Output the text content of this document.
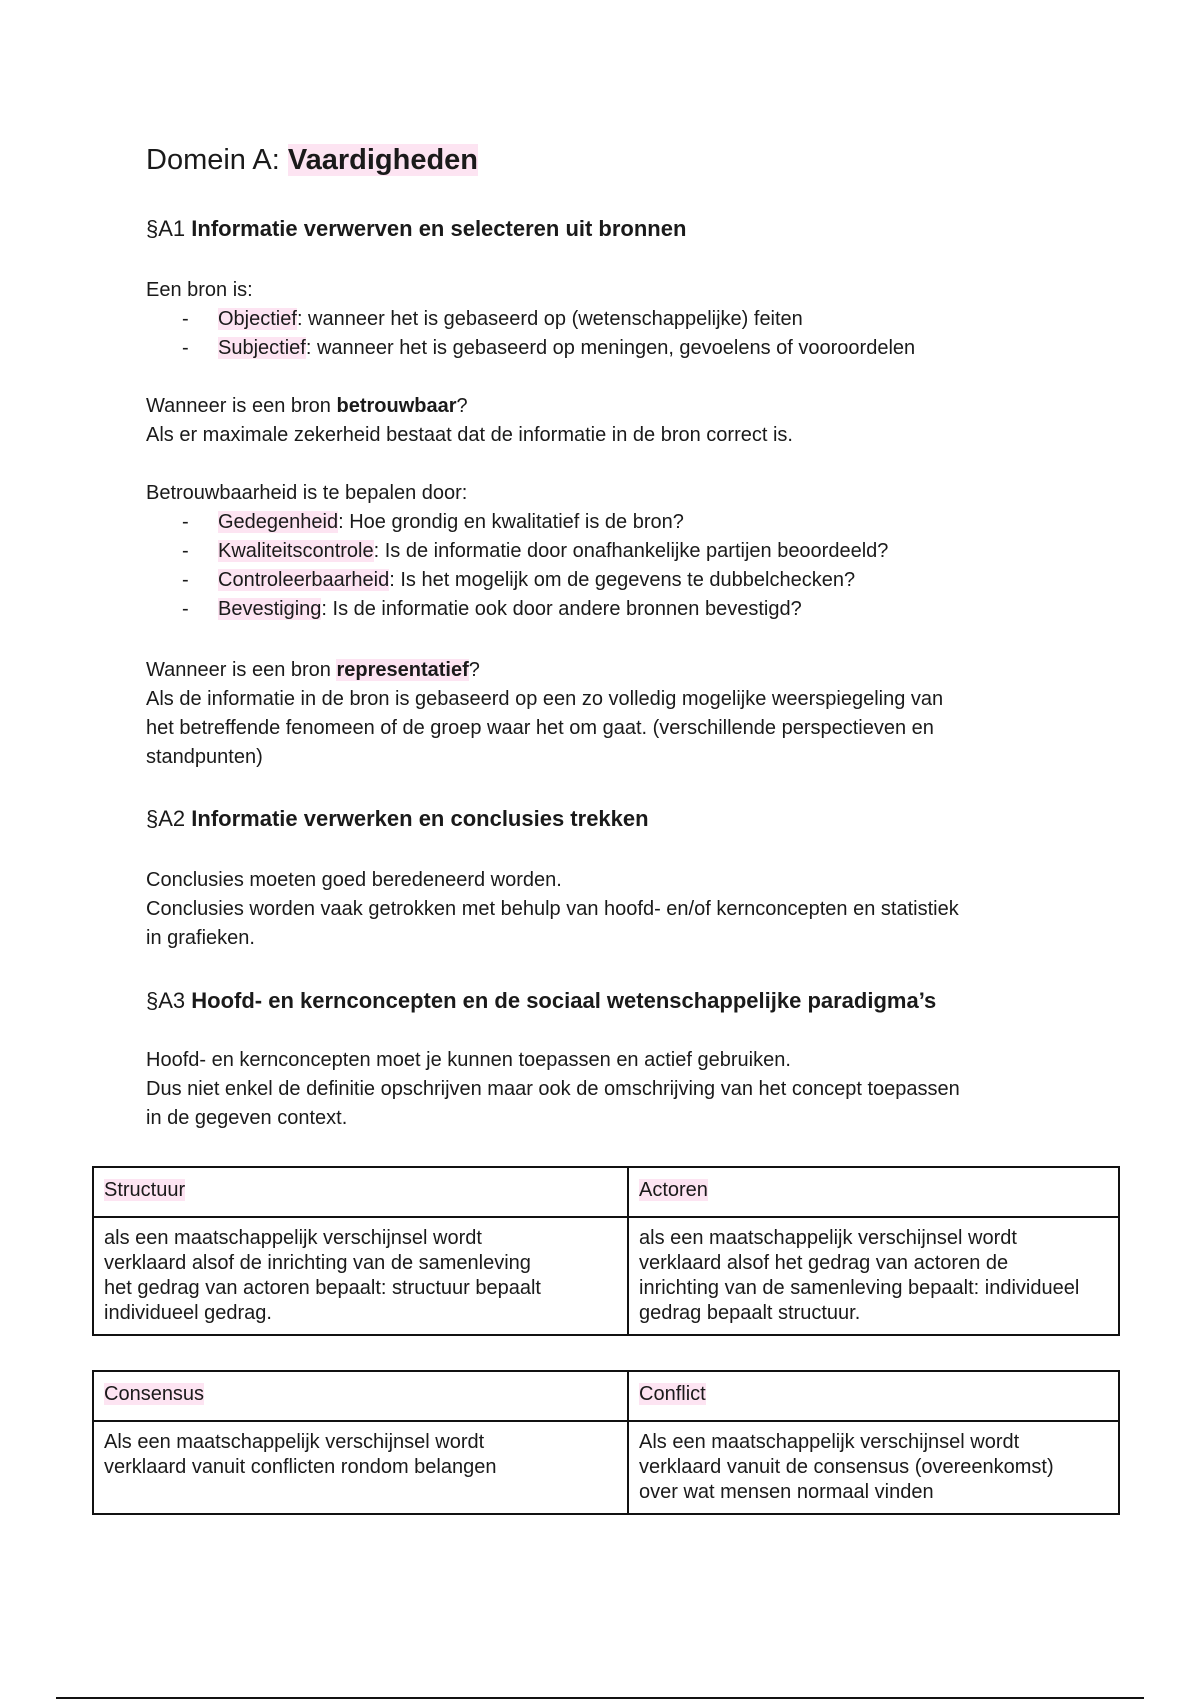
Domein A: Vaardigheden
§A1 Informatie verwerven en selecteren uit bronnen
Een bron is:
- Objectief: wanneer het is gebaseerd op (wetenschappelijke) feiten
- Subjectief: wanneer het is gebaseerd op meningen, gevoelens of vooroordelen
Wanneer is een bron betrouwbaar?
Als er maximale zekerheid bestaat dat de informatie in de bron correct is.
Betrouwbaarheid is te bepalen door:
- Gedegenheid: Hoe grondig en kwalitatief is de bron?
- Kwaliteitscontrole: Is de informatie door onafhankelijke partijen beoordeeld?
- Controleerbaarheid: Is het mogelijk om de gegevens te dubbelchecken?
- Bevestiging: Is de informatie ook door andere bronnen bevestigd?
Wanneer is een bron representatief?
Als de informatie in de bron is gebaseerd op een zo volledig mogelijke weerspiegeling van
het betreffende fenomeen of de groep waar het om gaat. (verschillende perspectieven en
standpunten)
§A2 Informatie verwerken en conclusies trekken
Conclusies moeten goed beredeneerd worden.
Conclusies worden vaak getrokken met behulp van hoofd- en/of kernconcepten en statistiek
in grafieken.
§A3 Hoofd- en kernconcepten en de sociaal wetenschappelijke paradigma’s
Hoofd- en kernconcepten moet je kunnen toepassen en actief gebruiken.
Dus niet enkel de definitie opschrijven maar ook de omschrijving van het concept toepassen
in de gegeven context.
Structuur	Actoren

als een maatschappelijk verschijnsel wordt
verklaard alsof de inrichting van de samenleving
het gedrag van actoren bepaalt: structuur bepaalt
individueel gedrag.	als een maatschappelijk verschijnsel wordt
verklaard alsof het gedrag van actoren de
inrichting van de samenleving bepaalt: individueel
gedrag bepaalt structuur.
Consensus	Conflict

Als een maatschappelijk verschijnsel wordt
verklaard vanuit conflicten rondom belangen	Als een maatschappelijk verschijnsel wordt
verklaard vanuit de consensus (overeenkomst)
over wat mensen normaal vinden
